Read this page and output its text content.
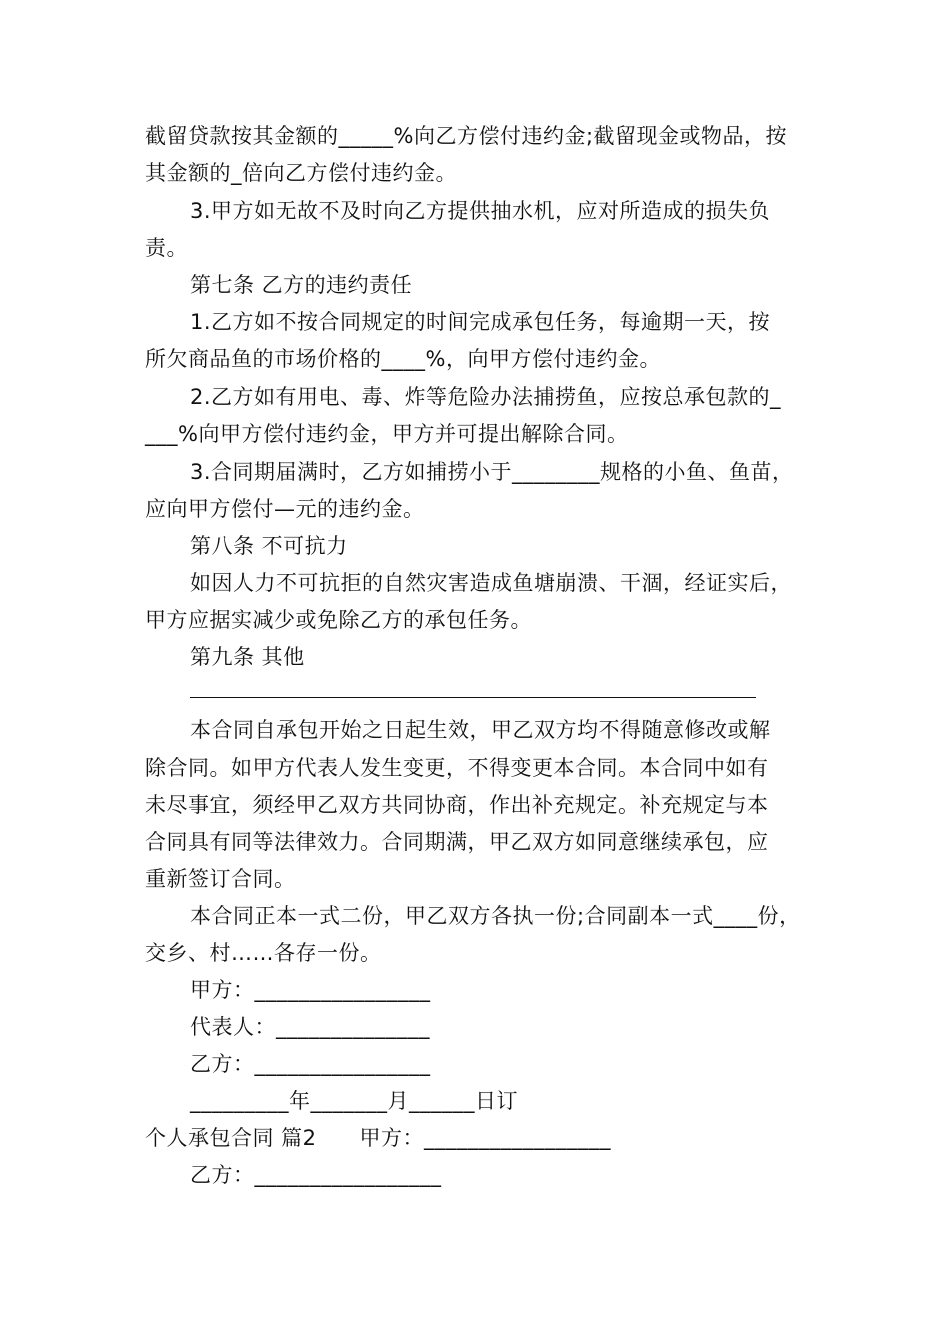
截留贷款按其金额的_____%向乙方偿付违约金;截留现金或物品，按
其金额的_倍向乙方偿付违约金。
3.甲方如无故不及时向乙方提供抽水机，应对所造成的损失负
责。
第七条 乙方的违约责任
1.乙方如不按合同规定的时间完成承包任务，每逾期一天，按
所欠商品鱼的市场价格的____%，向甲方偿付违约金。
2.乙方如有用电、毒、炸等危险办法捕捞鱼，应按总承包款的_
___%向甲方偿付违约金，甲方并可提出解除合同。
3.合同期届满时，乙方如捕捞小于________规格的小鱼、鱼苗，
应向甲方偿付—元的违约金。
第八条 不可抗力
如因人力不可抗拒的自然灾害造成鱼塘崩溃、干涸，经证实后，
甲方应据实减少或免除乙方的承包任务。
第九条 其他
本合同自承包开始之日起生效，甲乙双方均不得随意修改或解
除合同。如甲方代表人发生变更，不得变更本合同。本合同中如有
未尽事宜，须经甲乙双方共同协商，作出补充规定。补充规定与本
合同具有同等法律效力。合同期满，甲乙双方如同意继续承包，应
重新签订合同。
本合同正本一式二份，甲乙双方各执一份;合同副本一式____份，
交乡、村……各存一份。
甲方：________________
代表人：______________
乙方：________________
_________年_______月______日订
个人承包合同 篇2　　甲方：_________________
乙方：_________________
